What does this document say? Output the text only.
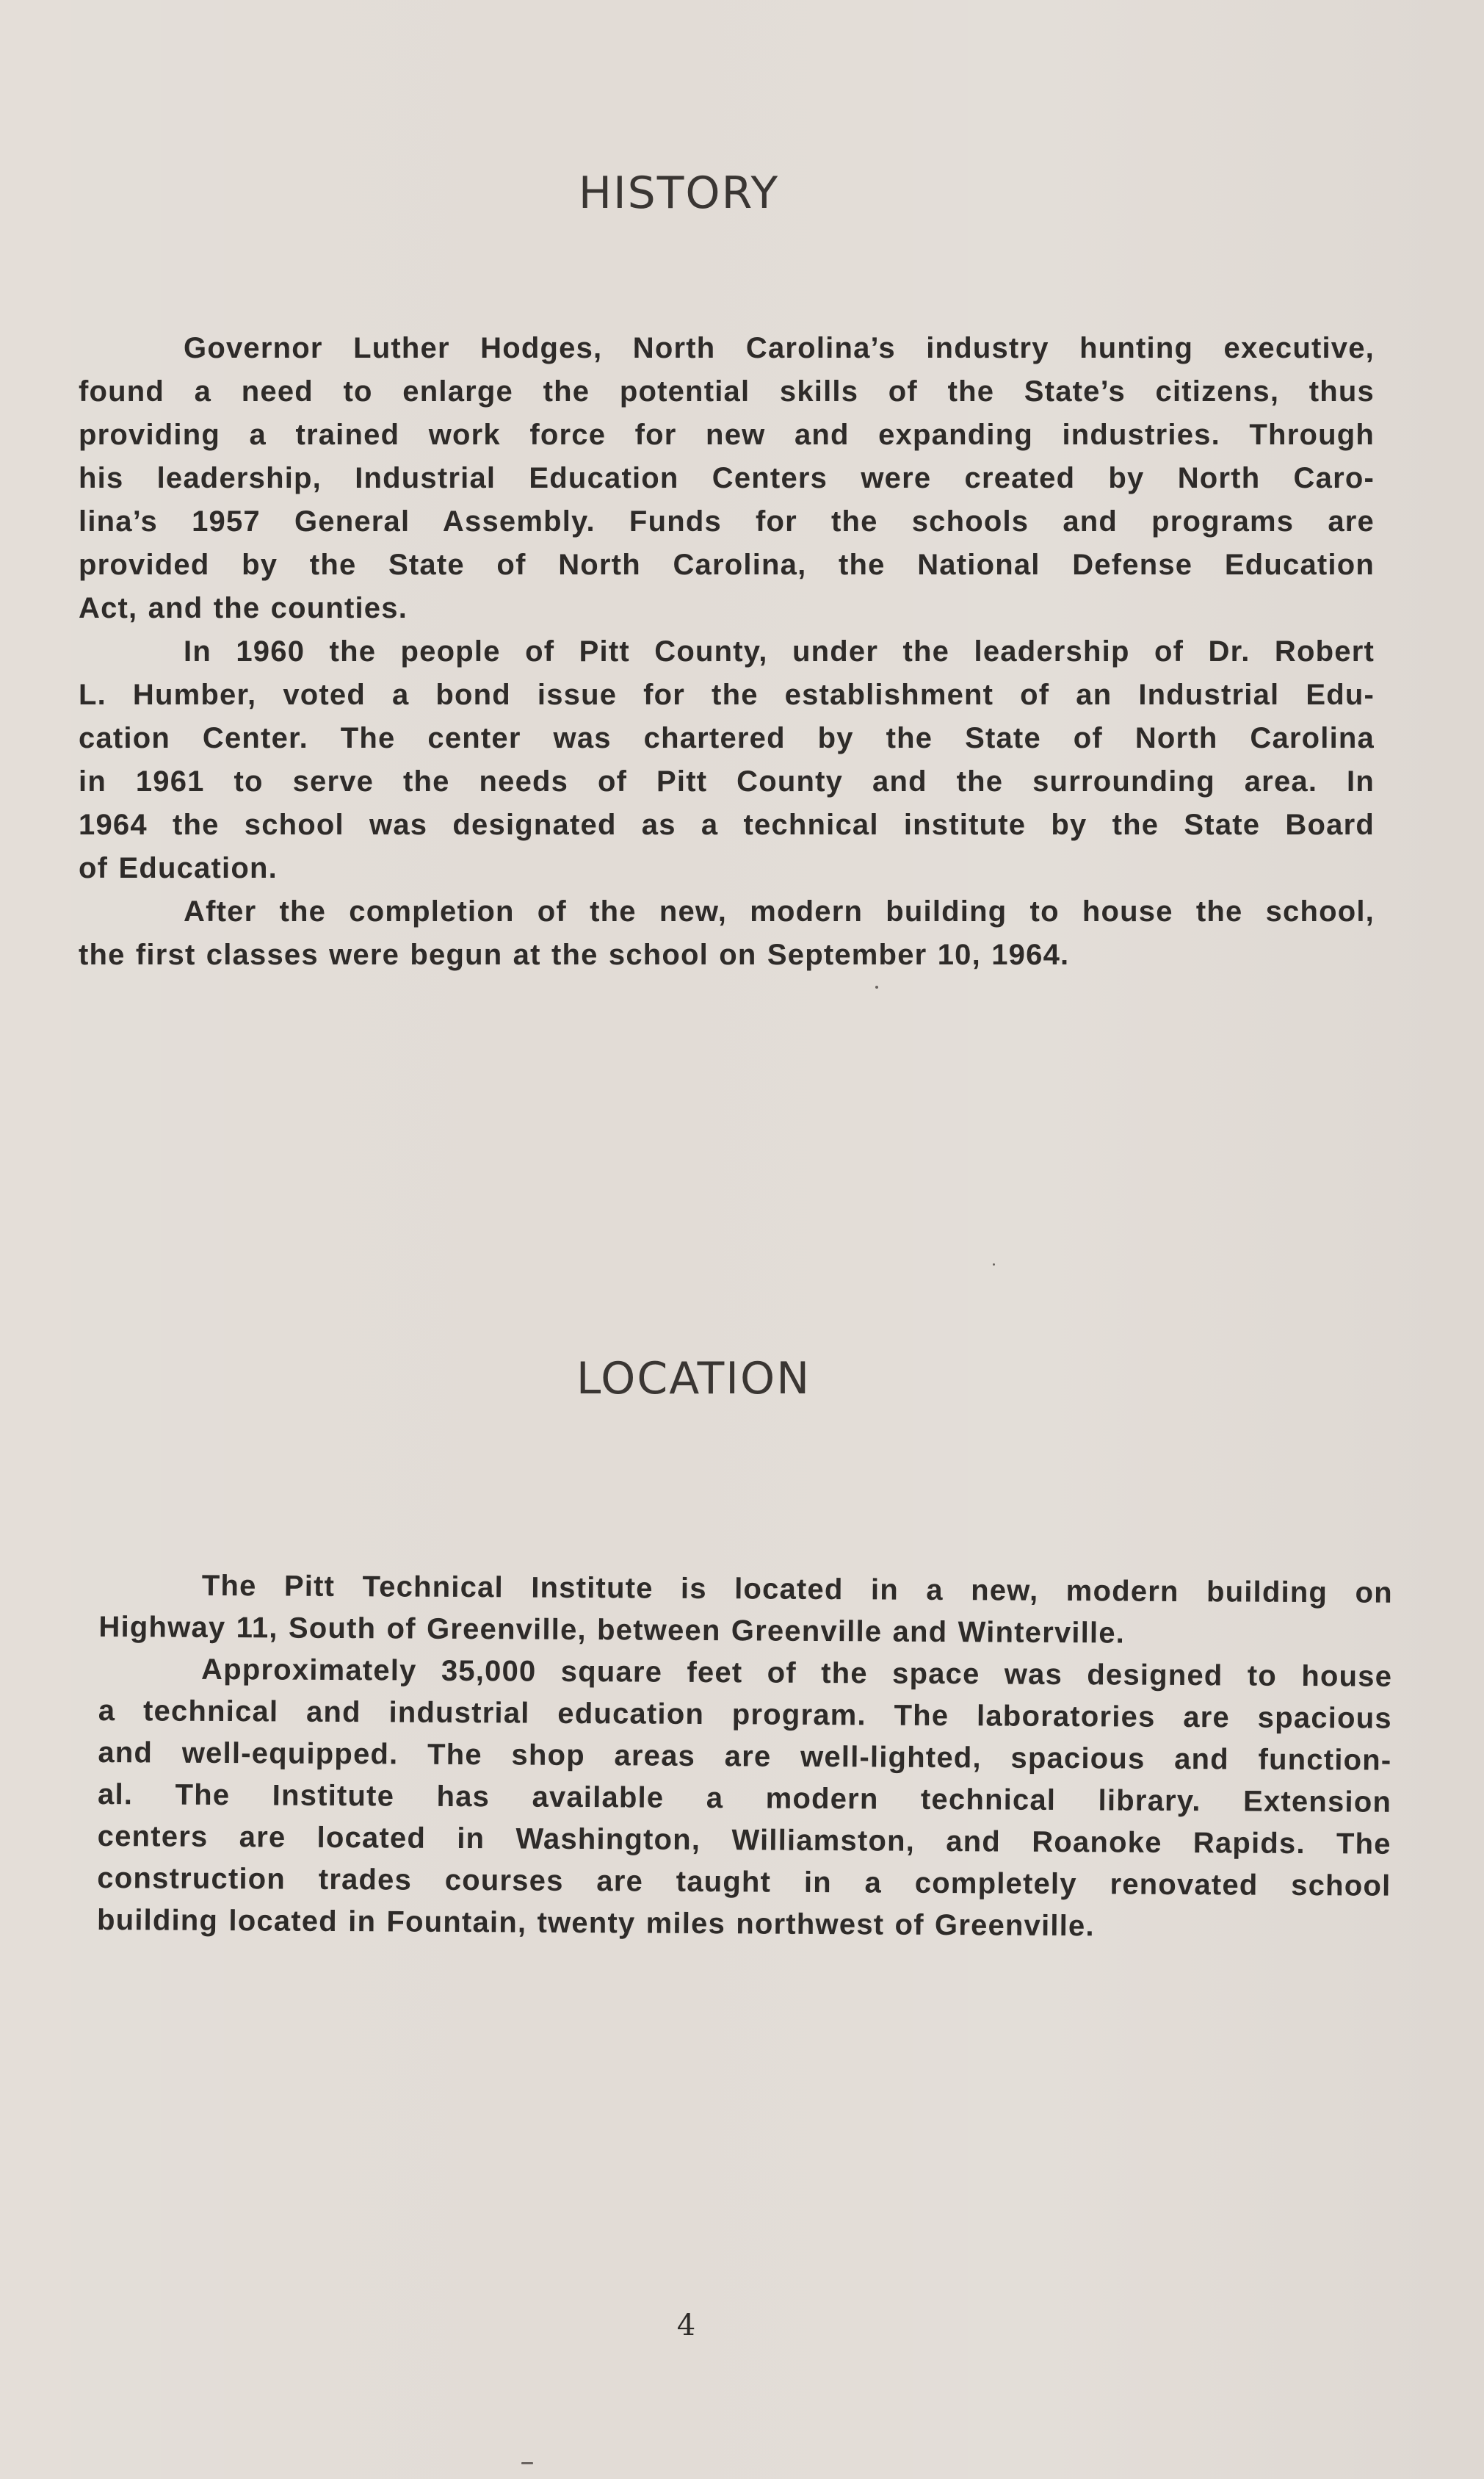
HISTORY
Governor Luther Hodges, North Carolina’s industry hunting executive,
found a need to enlarge the potential skills of the State’s citizens, thus
providing a trained work force for new and expanding industries. Through
his leadership, Industrial Education Centers were created by North Caro-
lina’s 1957 General Assembly. Funds for the schools and programs are
provided by the State of North Carolina, the National Defense Education
Act, and the counties.
In 1960 the people of Pitt County, under the leadership of Dr. Robert
L. Humber, voted a bond issue for the establishment of an Industrial Edu-
cation Center. The center was chartered by the State of North Carolina
in 1961 to serve the needs of Pitt County and the surrounding area. In
1964 the school was designated as a technical institute by the State Board
of Education.
After the completion of the new, modern building to house the school,
the first classes were begun at the school on September 10, 1964.
LOCATION
The Pitt Technical Institute is located in a new, modern building on
Highway 11, South of Greenville, between Greenville and Winterville.
Approximately 35,000 square feet of the space was designed to house
a technical and industrial education program. The laboratories are spacious
and well-equipped. The shop areas are well-lighted, spacious and function-
al. The Institute has available a modern technical library. Extension
centers are located in Washington, Williamston, and Roanoke Rapids. The
construction trades courses are taught in a completely renovated school
building located in Fountain, twenty miles northwest of Greenville.
4
